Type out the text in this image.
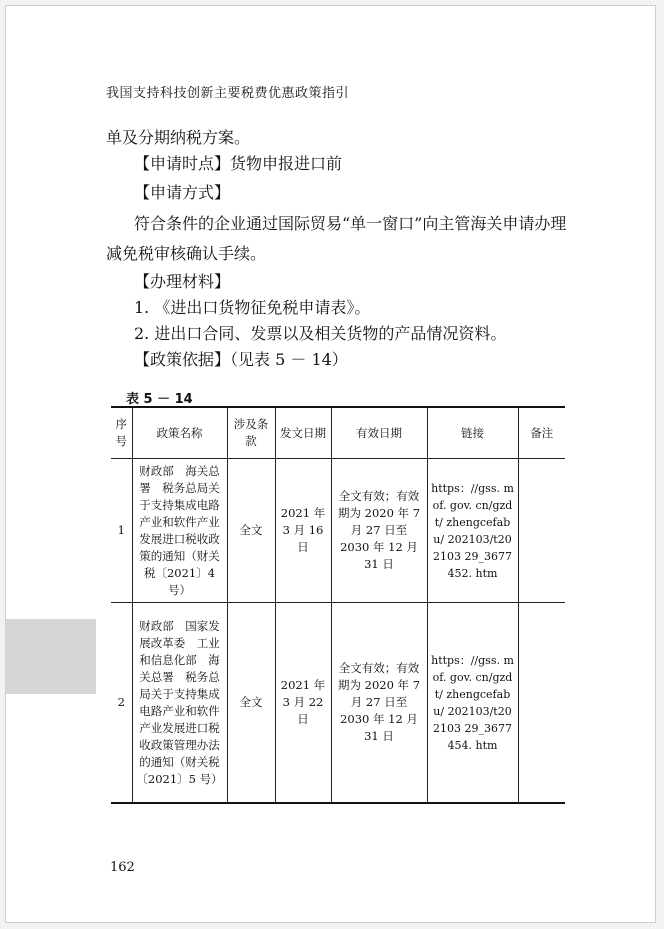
我国支持科技创新主要税费优惠政策指引

单及分期纳税方案。

【申请时点】货物申报进口前

【申请方式】

符合条件的企业通过国际贸易“单一窗口”向主管海关申请办理减免税审核确认手续。

【办理材料】

1. 《进出口货物征免税申请表》。

2. 进出口合同、发票以及相关货物的产品情况资料。

【政策依据】（见表 5 － 14）

表 5 － 14
序号	政策名称	涉及条款	发文日期	有效日期	链接	备注
1	财政部　海关总署　税务总局关于支持集成电路产业和软件产业发展进口税收政策的通知（财关税〔2021〕4 号）	全文	2021 年 3 月 16 日	全文有效；有效期为 2020 年 7 月 27 日至 2030 年 12 月 31 日	https：//gss. mof. gov. cn/gzdt/ zhengcefabu/ 202103/t202103 29_3677452. htm	
2	财政部　国家发展改革委　工业和信息化部　海关总署　税务总局关于支持集成电路产业和软件产业发展进口税收政策管理办法的通知（财关税〔2021〕5 号）	全文	2021 年 3 月 22 日	全文有效；有效期为 2020 年 7 月 27 日至 2030 年 12 月 31 日	https：//gss. mof. gov. cn/gzdt/ zhengcefabu/ 202103/t202103 29_3677454. htm	
162
